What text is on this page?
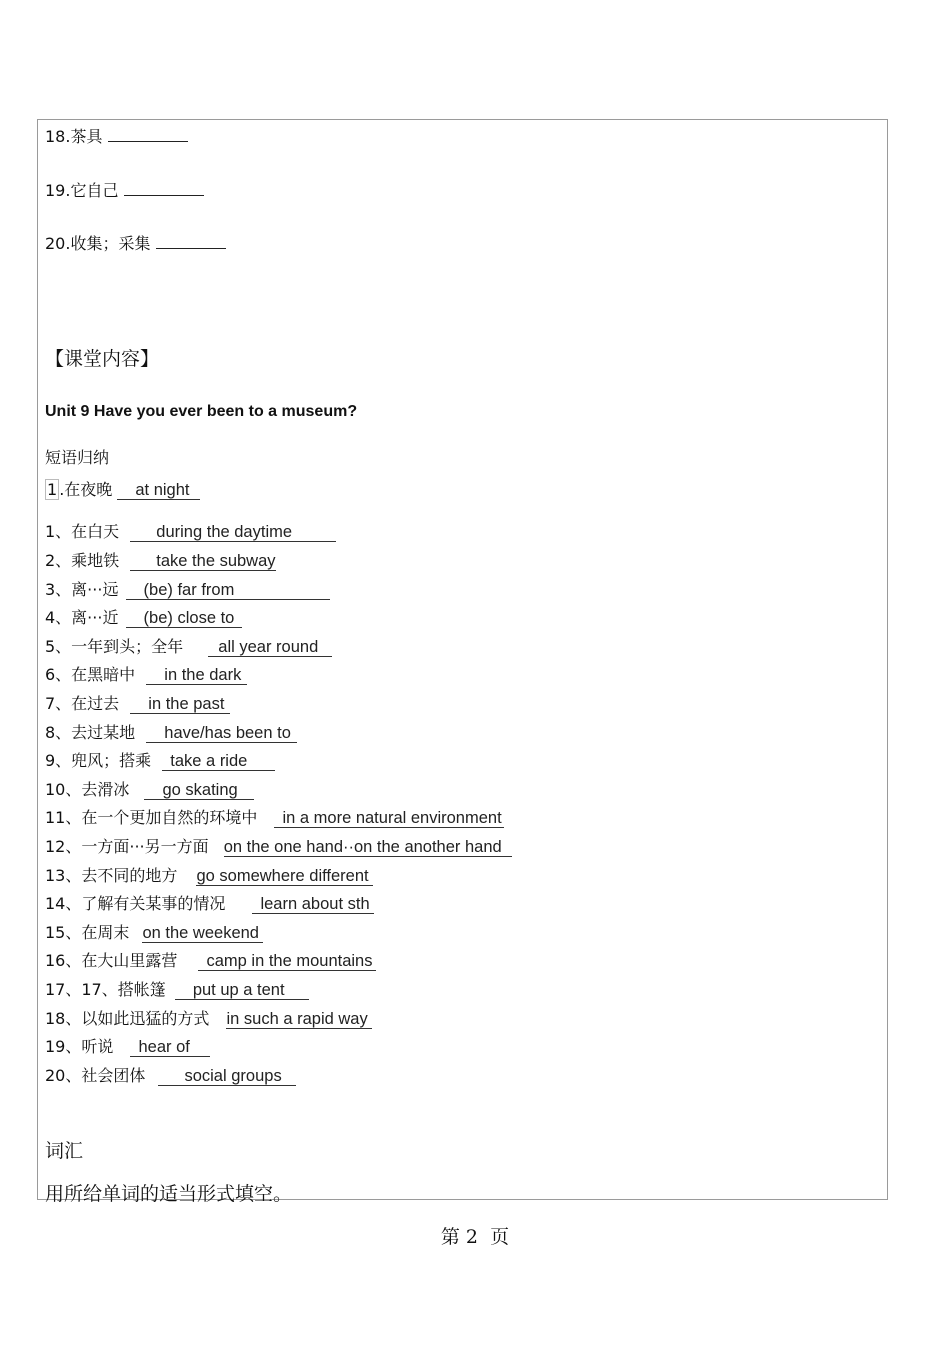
18.茶具
19.它自己
20.收集；采集
【课堂内容】
Unit 9 Have you ever been to a museum?
短语归纳
1 .在夜晚 at night
1、在白天 during the daytime
2、乘地铁 take the subway
3、离···远 (be) far from
4、离···近 (be) close to
5、一年到头；全年 all year round
6、在黑暗中 in the dark
7、在过去 in the past
8、去过某地 have/has been to
9、兜风；搭乘 take a ride
10、去滑冰 go skating
11、在一个更加自然的环境中 in a more natural environment
12、一方面···另一方面 on the one hand··on the another hand
13、去不同的地方 go somewhere different
14、了解有关某事的情况 learn about sth
15、在周末 on the weekend
16、在大山里露营 camp in the mountains
17、17、搭帐篷 put up a tent
18、以如此迅猛的方式 in such a rapid way
19、听说 hear of
20、社会团体 social groups
词汇
用所给单词的适当形式填空。
第 2 页
